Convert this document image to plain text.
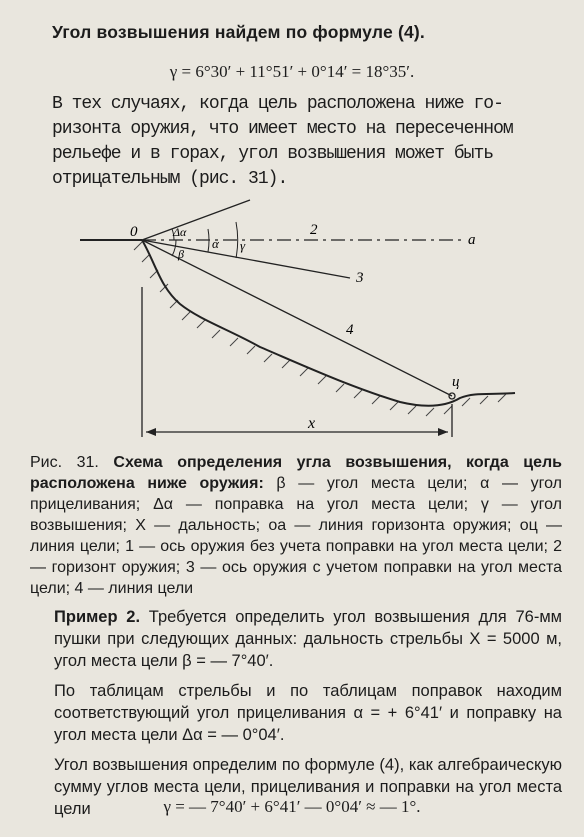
Угол возвышения найдем по формуле (4).
γ = 6°30′ + 11°51′ + 0°14′ = 18°35′.
В тех случаях, когда цель расположена ниже го-
ризонта оружия, что имеет место на пересеченном
рельефе и в горах, угол возвышения может быть
отрицательным (рис. 31).
0	a
2
3
4
ц
x
Δα
α γ
β
Рис. 31. Схема определения угла возвышения, когда цель расположена ниже оружия: β — угол места цели; α — угол прицеливания; Δα — поправка на угол места цели; γ — угол возвышения; X — дальность; оа — линия горизонта оружия; оц — линия цели; 1 — ось оружия без учета поправки на угол места цели; 2 — горизонт оружия; 3 — ось оружия с учетом поправки на угол места цели; 4 — линия цели
Пример 2. Требуется определить угол возвышения для 76-мм пушки при следующих данных: дальность стрельбы X = 5000 м, угол места цели β = — 7°40′.
По таблицам стрельбы и по таблицам поправок находим соответствующий угол прицеливания α = + 6°41′ и поправку на угол места цели Δα = — 0°04′.
Угол возвышения определим по формуле (4), как алгебраическую сумму углов места цели, прицеливания и поправки на угол места цели	γ = — 7°40′ + 6°41′ — 0°04′ ≈ — 1°.
